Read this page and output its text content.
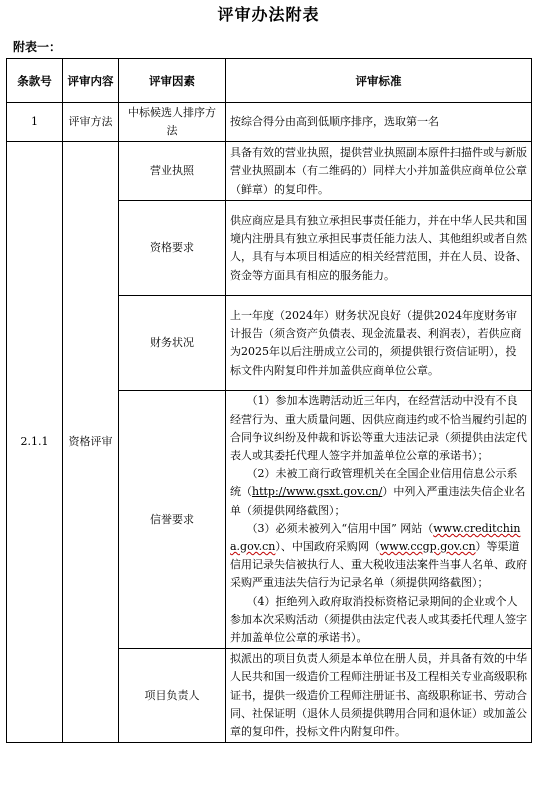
评审办法附表
附表一：
条款号	评审内容	评审因素	评审标准
1	评审方法	中标候选人排序方法	按综合得分由高到低顺序排序，选取第一名
2.1.1	资格评审	营业执照	具备有效的营业执照，提供营业执照副本原件扫描件或与新版营业执照副本（有二维码的）同样大小并加盖供应商单位公章（鲜章）的复印件。
		资格要求	供应商应是具有独立承担民事责任能力，并在中华人民共和国境内注册具有独立承担民事责任能力法人、其他组织或者自然人，具有与本项目相适应的相关经营范围，并在人员、设备、资金等方面具有相应的服务能力。
		财务状况	上一年度（2024年）财务状况良好（提供2024年度财务审计报告（须含资产负债表、现金流量表、利润表），若供应商为2025年以后注册成立公司的，须提供银行资信证明），投标文件内附复印件并加盖供应商单位公章。
		信誉要求	（1）参加本选聘活动近三年内，在经营活动中没有不良经营行为、重大质量问题、因供应商违约或不恰当履约引起的合同争议纠纷及仲裁和诉讼等重大违法记录（须提供由法定代表人或其委托代理人签字并加盖单位公章的承诺书）；

（2）未被工商行政管理机关在全国企业信用信息公示系统（http://www.gsxt.gov.cn/）中列入严重违法失信企业名单（须提供网络截图）；

（3）必须未被列入“信用中国” 网站（www.creditchina.gov.cn）、中国政府采购网（www.ccgp.gov.cn）等渠道信用记录失信被执行人、重大税收违法案件当事人名单、政府采购严重违法失信行为记录名单（须提供网络截图）；

（4）拒绝列入政府取消投标资格记录期间的企业或个人参加本次采购活动（须提供由法定代表人或其委托代理人签字并加盖单位公章的承诺书）。

		项目负责人	拟派出的项目负责人须是本单位在册人员，并具备有效的中华人民共和国一级造价工程师注册证书及工程相关专业高级职称证书，提供一级造价工程师注册证书、高级职称证书、劳动合同、社保证明（退休人员须提供聘用合同和退休证）或加盖公章的复印件，投标文件内附复印件。
